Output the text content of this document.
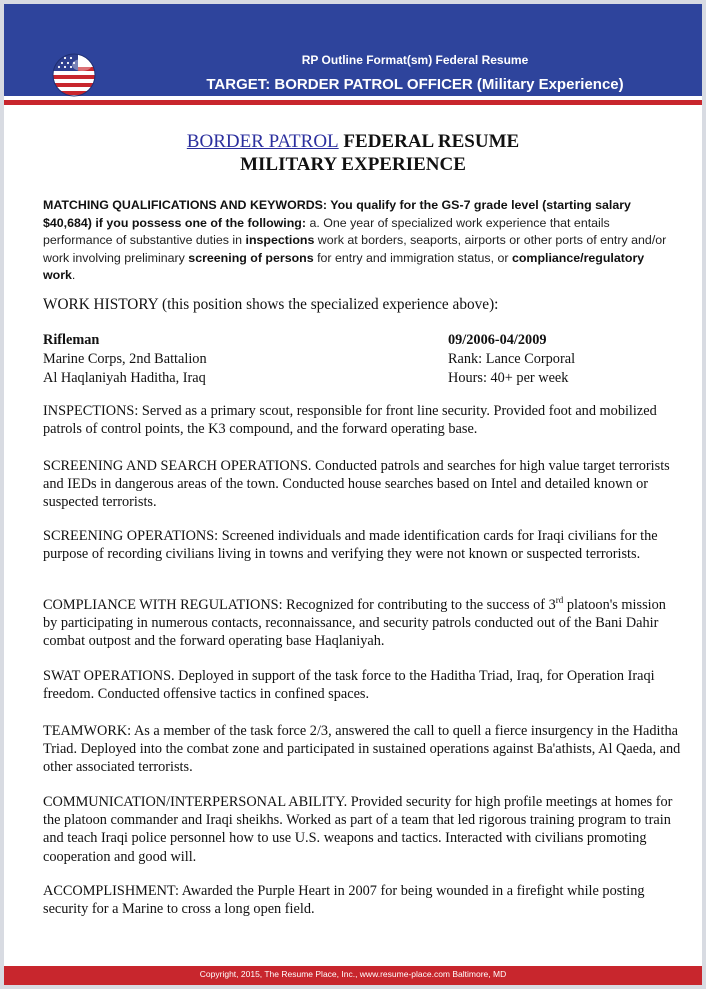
RP Outline Format(sm) Federal Resume
TARGET: BORDER PATROL OFFICER (Military Experience)
BORDER PATROL FEDERAL RESUME
MILITARY EXPERIENCE
MATCHING QUALIFICATIONS AND KEYWORDS: You qualify for the GS-7 grade level (starting salary $40,684) if you possess one of the following: a. One year of specialized work experience that entails performance of substantive duties in inspections work at borders, seaports, airports or other ports of entry and/or work involving preliminary screening of persons for entry and immigration status, or compliance/regulatory work.
WORK HISTORY (this position shows the specialized experience above):
Rifleman
Marine Corps, 2nd Battalion
Al Haqlaniyah Haditha, Iraq
09/2006-04/2009
Rank: Lance Corporal
Hours: 40+ per week
INSPECTIONS: Served as a primary scout, responsible for front line security. Provided foot and mobilized patrols of control points, the K3 compound, and the forward operating base.
SCREENING AND SEARCH OPERATIONS. Conducted patrols and searches for high value target terrorists and IEDs in dangerous areas of the town. Conducted house searches based on Intel and detailed known or suspected terrorists.
SCREENING OPERATIONS: Screened individuals and made identification cards for Iraqi civilians for the purpose of recording civilians living in towns and verifying they were not known or suspected terrorists.
COMPLIANCE WITH REGULATIONS: Recognized for contributing to the success of 3rd platoon's mission by participating in numerous contacts, reconnaissance, and security patrols conducted out of the Bani Dahir combat outpost and the forward operating base Haqlaniyah.
SWAT OPERATIONS. Deployed in support of the task force to the Haditha Triad, Iraq, for Operation Iraqi freedom. Conducted offensive tactics in confined spaces.
TEAMWORK: As a member of the task force 2/3, answered the call to quell a fierce insurgency in the Haditha Triad. Deployed into the combat zone and participated in sustained operations against Ba'athists, Al Qaeda, and other associated terrorists.
COMMUNICATION/INTERPERSONAL ABILITY. Provided security for high profile meetings at homes for the platoon commander and Iraqi sheikhs. Worked as part of a team that led rigorous training program to train and teach Iraqi police personnel how to use U.S. weapons and tactics. Interacted with civilians promoting cooperation and good will.
ACCOMPLISHMENT: Awarded the Purple Heart in 2007 for being wounded in a firefight while posting security for a Marine to cross a long open field.
Copyright, 2015, The Resume Place, Inc., www.resume-place.com Baltimore, MD
